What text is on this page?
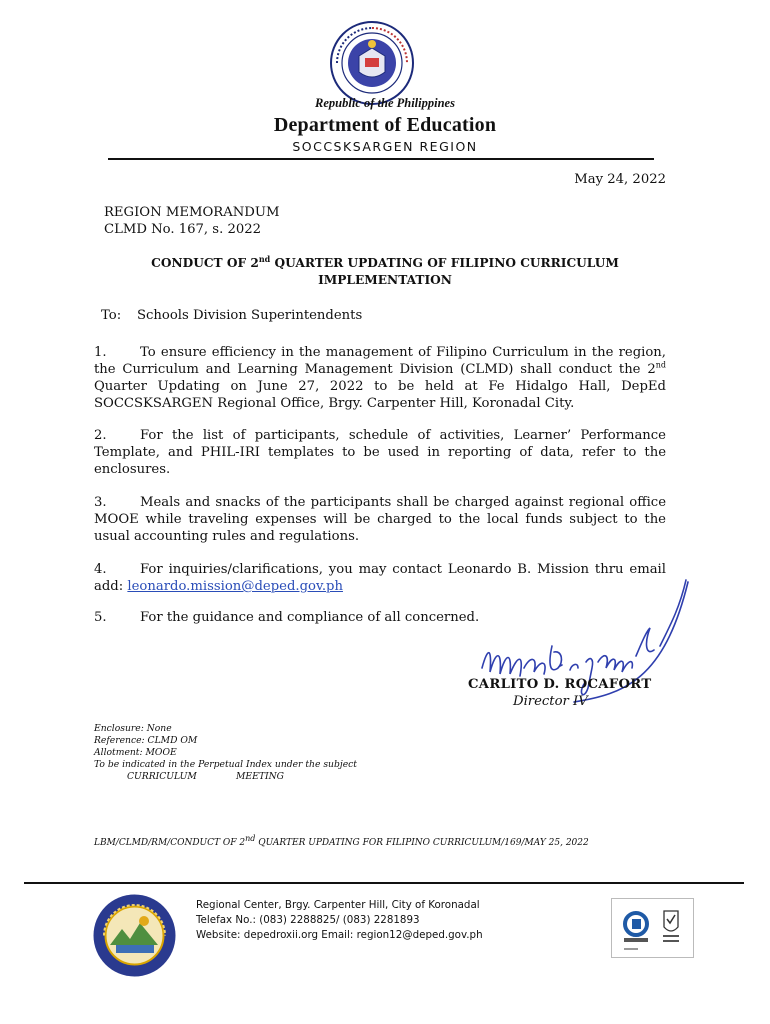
Republic of the Philippines
Department of Education
SOCCSKSARGEN REGION
May 24, 2022
REGION MEMORANDUM
CLMD No. 167, s. 2022
CONDUCT OF 2nd QUARTER UPDATING OF FILIPINO CURRICULUM
IMPLEMENTATION
To: Schools Division Superintendents
1.	To ensure efficiency in the management of Filipino Curriculum in the region, the Curriculum and Learning Management Division (CLMD) shall conduct the 2nd Quarter Updating on June 27, 2022 to be held at Fe Hidalgo Hall, DepEd SOCCSKSARGEN Regional Office, Brgy. Carpenter Hill, Koronadal City.
2.	For the list of participants, schedule of activities, Learner’ Performance Template, and PHIL-IRI templates to be used in reporting of data, refer to the enclosures.
3.	Meals and snacks of the participants shall be charged against regional office MOOE while traveling expenses will be charged to the local funds subject to the usual accounting rules and regulations.
4.	For inquiries/clarifications, you may contact Leonardo B. Mission thru email add: leonardo.mission@deped.gov.ph
5.	For the guidance and compliance of all concerned.
CARLITO D. ROCAFORT
Director IV
Enclosure: None
Reference: CLMD OM
Allotment: MOOE
To be indicated in the Perpetual Index under the subject
CURRICULUM	MEETING
LBM/CLMD/RM/CONDUCT OF 2nd QUARTER UPDATING FOR FILIPINO CURRICULUM/169/MAY 25, 2022
Regional Center, Brgy. Carpenter Hill, City of Koronadal
Telefax No.: (083) 2288825/ (083) 2281893
Website: depedroxii.org Email: region12@deped.gov.ph
